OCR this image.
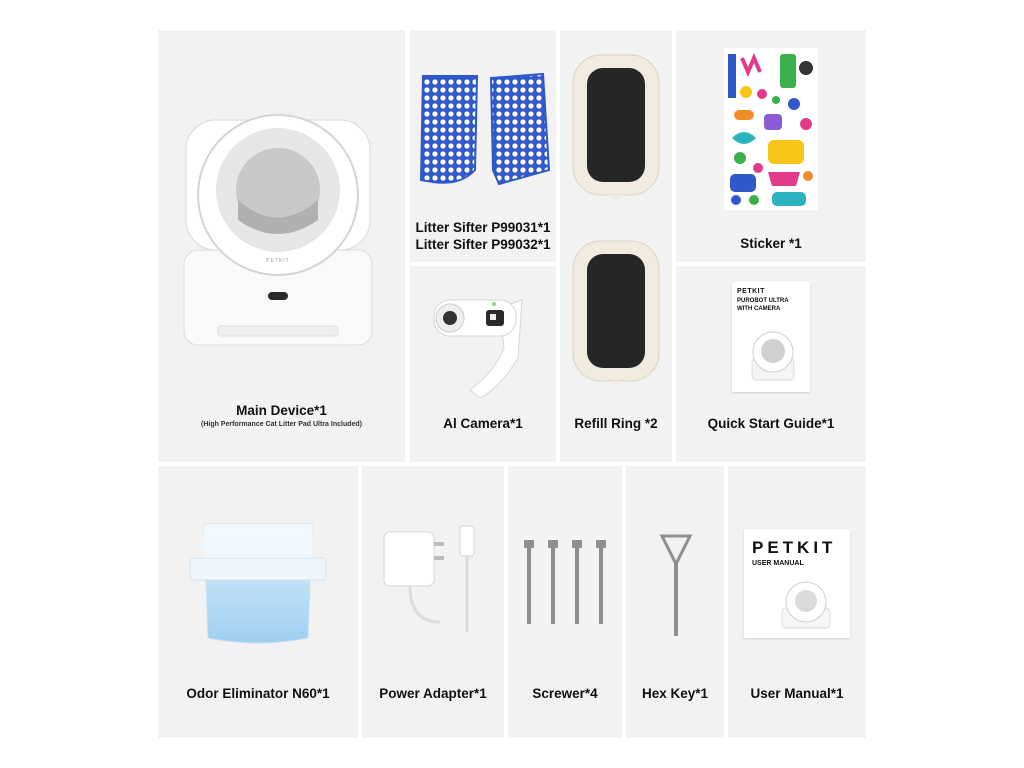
PETKIT
Main Device*1
(High Performance Cat Litter Pad Ultra Included)
Litter Sifter P99031*1
Litter Sifter P99032*1
Al Camera*1	Refill Ring *2
Sticker *1
PETKIT
PUROBOT ULTRA
WITH CAMERA
Quick Start Guide*1
Odor Eliminator N60*1	Power Adapter*1	Screwer*4	Hex Key*1
PETKIT
USER MANUAL
User Manual*1
